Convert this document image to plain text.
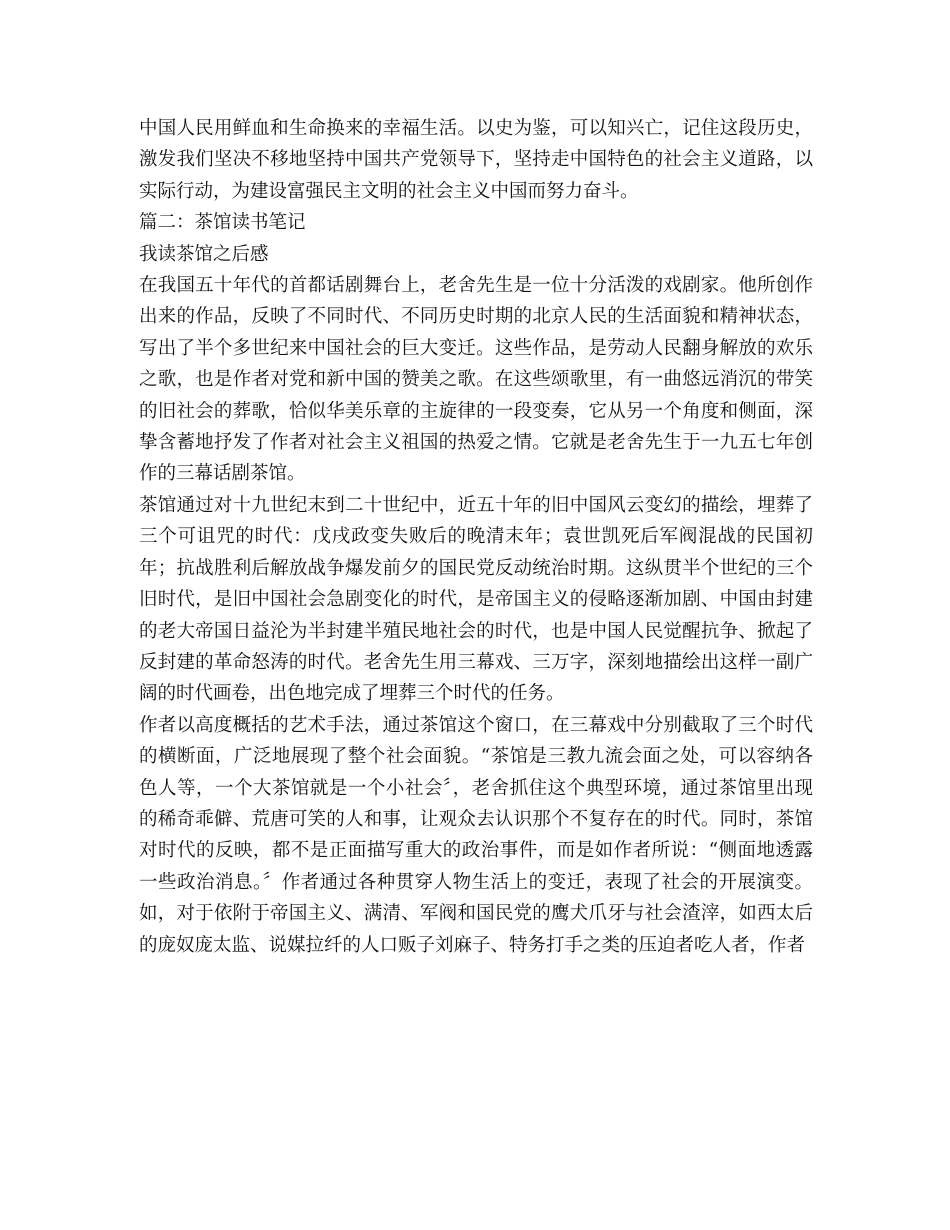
中国人民用鲜血和生命换来的幸福生活。以史为鉴，可以知兴亡，记住这段历史，激发我们坚决不移地坚持中国共产党领导下，坚持走中国特色的社会主义道路，以实际行动，为建设富强民主文明的社会主义中国而努力奋斗。

篇二：茶馆读书笔记

我读茶馆之后感

在我国五十年代的首都话剧舞台上，老舍先生是一位十分活泼的戏剧家。他所创作出来的作品，反映了不同时代、不同历史时期的北京人民的生活面貌和精神状态，写出了半个多世纪来中国社会的巨大变迁。这些作品，是劳动人民翻身解放的欢乐之歌，也是作者对党和新中国的赞美之歌。在这些颂歌里，有一曲悠远消沉的带笑的旧社会的葬歌，恰似华美乐章的主旋律的一段变奏，它从另一个角度和侧面，深挚含蓄地抒发了作者对社会主义祖国的热爱之情。它就是老舍先生于一九五七年创作的三幕话剧茶馆。

茶馆通过对十九世纪末到二十世纪中，近五十年的旧中国风云变幻的描绘，埋葬了三个可诅咒的时代：戊戌政变失败后的晚清末年；袁世凯死后军阀混战的民国初年；抗战胜利后解放战争爆发前夕的国民党反动统治时期。这纵贯半个世纪的三个旧时代，是旧中国社会急剧变化的时代，是帝国主义的侵略逐渐加剧、中国由封建的老大帝国日益沦为半封建半殖民地社会的时代，也是中国人民觉醒抗争、掀起了反封建的革命怒涛的时代。老舍先生用三幕戏、三万字，深刻地描绘出这样一副广阔的时代画卷，出色地完成了埋葬三个时代的任务。

作者以高度概括的艺术手法，通过茶馆这个窗口，在三幕戏中分别截取了三个时代的横断面，广泛地展现了整个社会面貌。“茶馆是三教九流会面之处，可以容纳各色人等，一个大茶馆就是一个小社会〞，老舍抓住这个典型环境，通过茶馆里出现的稀奇乖僻、荒唐可笑的人和事，让观众去认识那个不复存在的时代。同时，茶馆对时代的反映，都不是正面描写重大的政治事件，而是如作者所说：“侧面地透露一些政治消息。〞作者通过各种贯穿人物生活上的变迁，表现了社会的开展演变。如，对于依附于帝国主义、满清、军阀和国民党的鹰犬爪牙与社会渣滓，如西太后的庞奴庞太监、说媒拉纤的人口贩子刘麻子、特务打手之类的压迫者吃人者，作者
